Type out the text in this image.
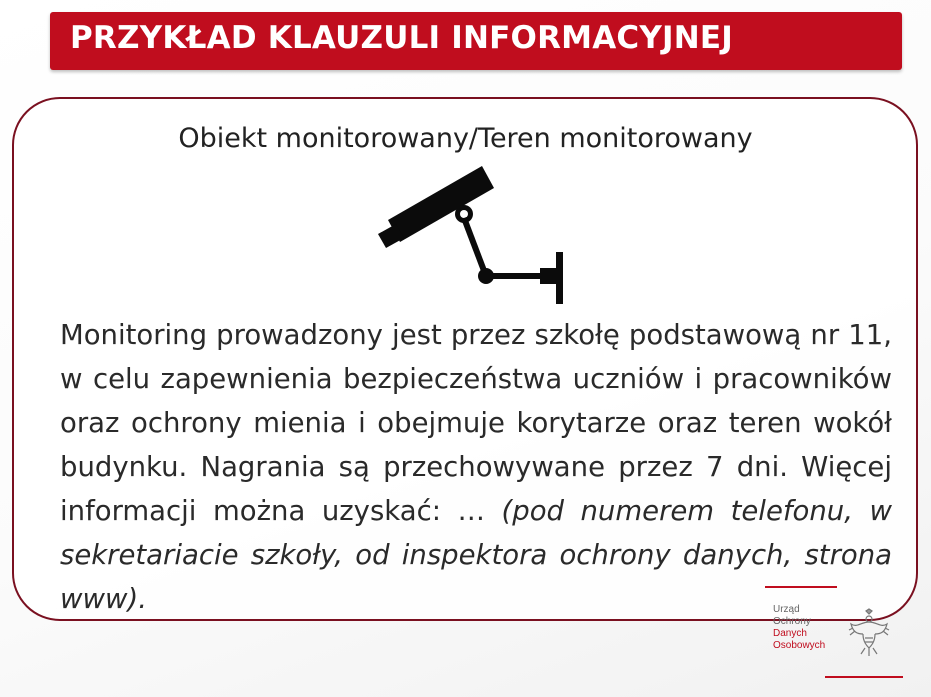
PRZYKŁAD KLAUZULI INFORMACYJNEJ
Obiekt monitorowany/Teren monitorowany

Monitoring prowadzony jest przez szkołę podstawową nr 11, w celu zapewnienia bezpieczeństwa uczniów i pracowników oraz ochrony mienia i obejmuje korytarze oraz teren wokół budynku. Nagrania są przechowywane przez 7 dni. Więcej informacji można uzyskać: … (pod numerem telefonu, w sekretariacie szkoły, od inspektora ochrony danych, strona www).	Urząd
Ochrony
Danych
Osobowych
